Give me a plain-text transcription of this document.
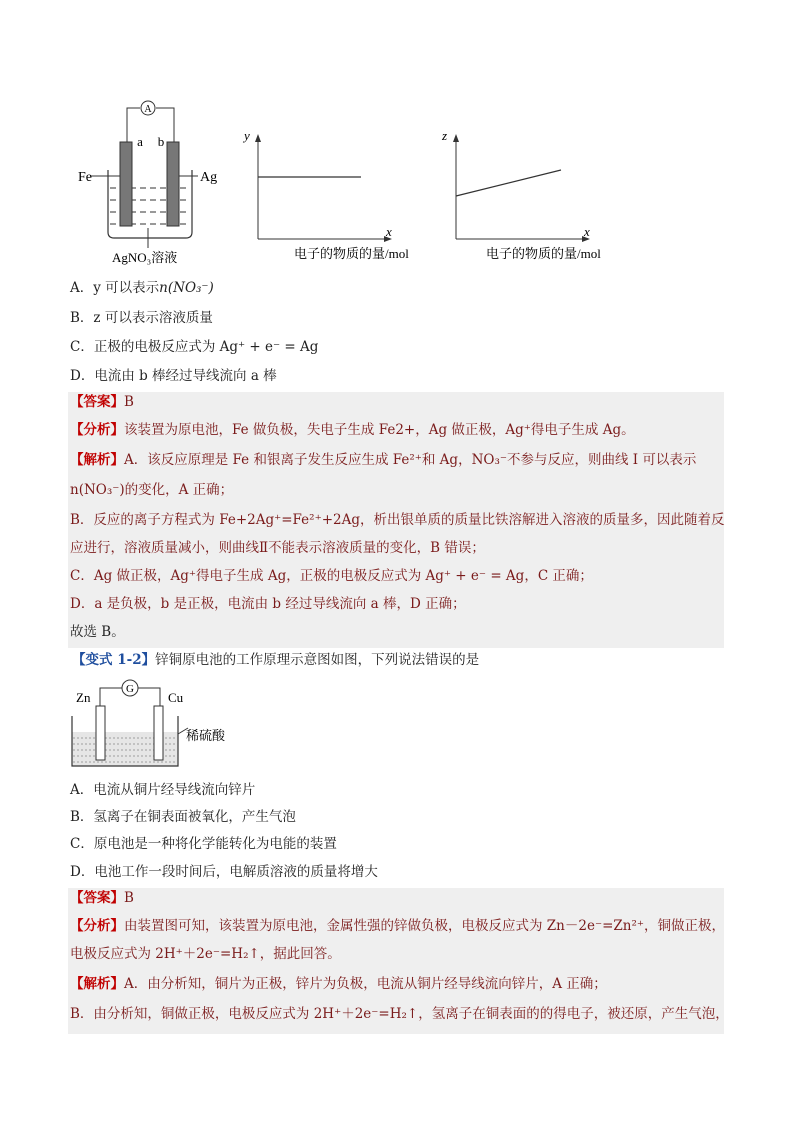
A
a b
Fe	Ag
AgNO₃溶液
y
x
电子的物质的量/mol
z
x
电子的物质的量/mol
A．y 可以表示n(NO₃⁻)
B．z 可以表示溶液质量
C．正极的电极反应式为 Ag⁺ + e⁻ = Ag
D．电流由 b 棒经过导线流向 a 棒
【答案】B
【分析】该装置为原电池，Fe 做负极，失电子生成 Fe2+，Ag 做正极，Ag⁺得电子生成 Ag。
【解析】A．该反应原理是 Fe 和银离子发生反应生成 Fe²⁺和 Ag，NO₃⁻不参与反应，则曲线 I 可以表示
n(NO₃⁻)的变化，A 正确；
B．反应的离子方程式为 Fe+2Ag⁺=Fe²⁺+2Ag，析出银单质的质量比铁溶解进入溶液的质量多，因此随着反
应进行，溶液质量减小，则曲线Ⅱ不能表示溶液质量的变化，B 错误；
C．Ag 做正极，Ag⁺得电子生成 Ag，正极的电极反应式为 Ag⁺ + e⁻ = Ag，C 正确；
D．a 是负极，b 是正极，电流由 b 经过导线流向 a 棒，D 正确；
故选 B。
【变式 1-2】锌铜原电池的工作原理示意图如图，下列说法错误的是
Zn	Cu
G
稀硫酸
A．电流从铜片经导线流向锌片
B．氢离子在铜表面被氧化，产生气泡
C．原电池是一种将化学能转化为电能的装置
D．电池工作一段时间后，电解质溶液的质量将增大
【答案】B
【分析】由装置图可知，该装置为原电池，金属性强的锌做负极，电极反应式为 Zn－2e⁻=Zn²⁺，铜做正极，
电极反应式为 2H⁺＋2e⁻=H₂↑，据此回答。
【解析】A．由分析知，铜片为正极，锌片为负极，电流从铜片经导线流向锌片，A 正确；
B．由分析知，铜做正极，电极反应式为 2H⁺＋2e⁻=H₂↑，氢离子在铜表面的的得电子，被还原，产生气泡，
